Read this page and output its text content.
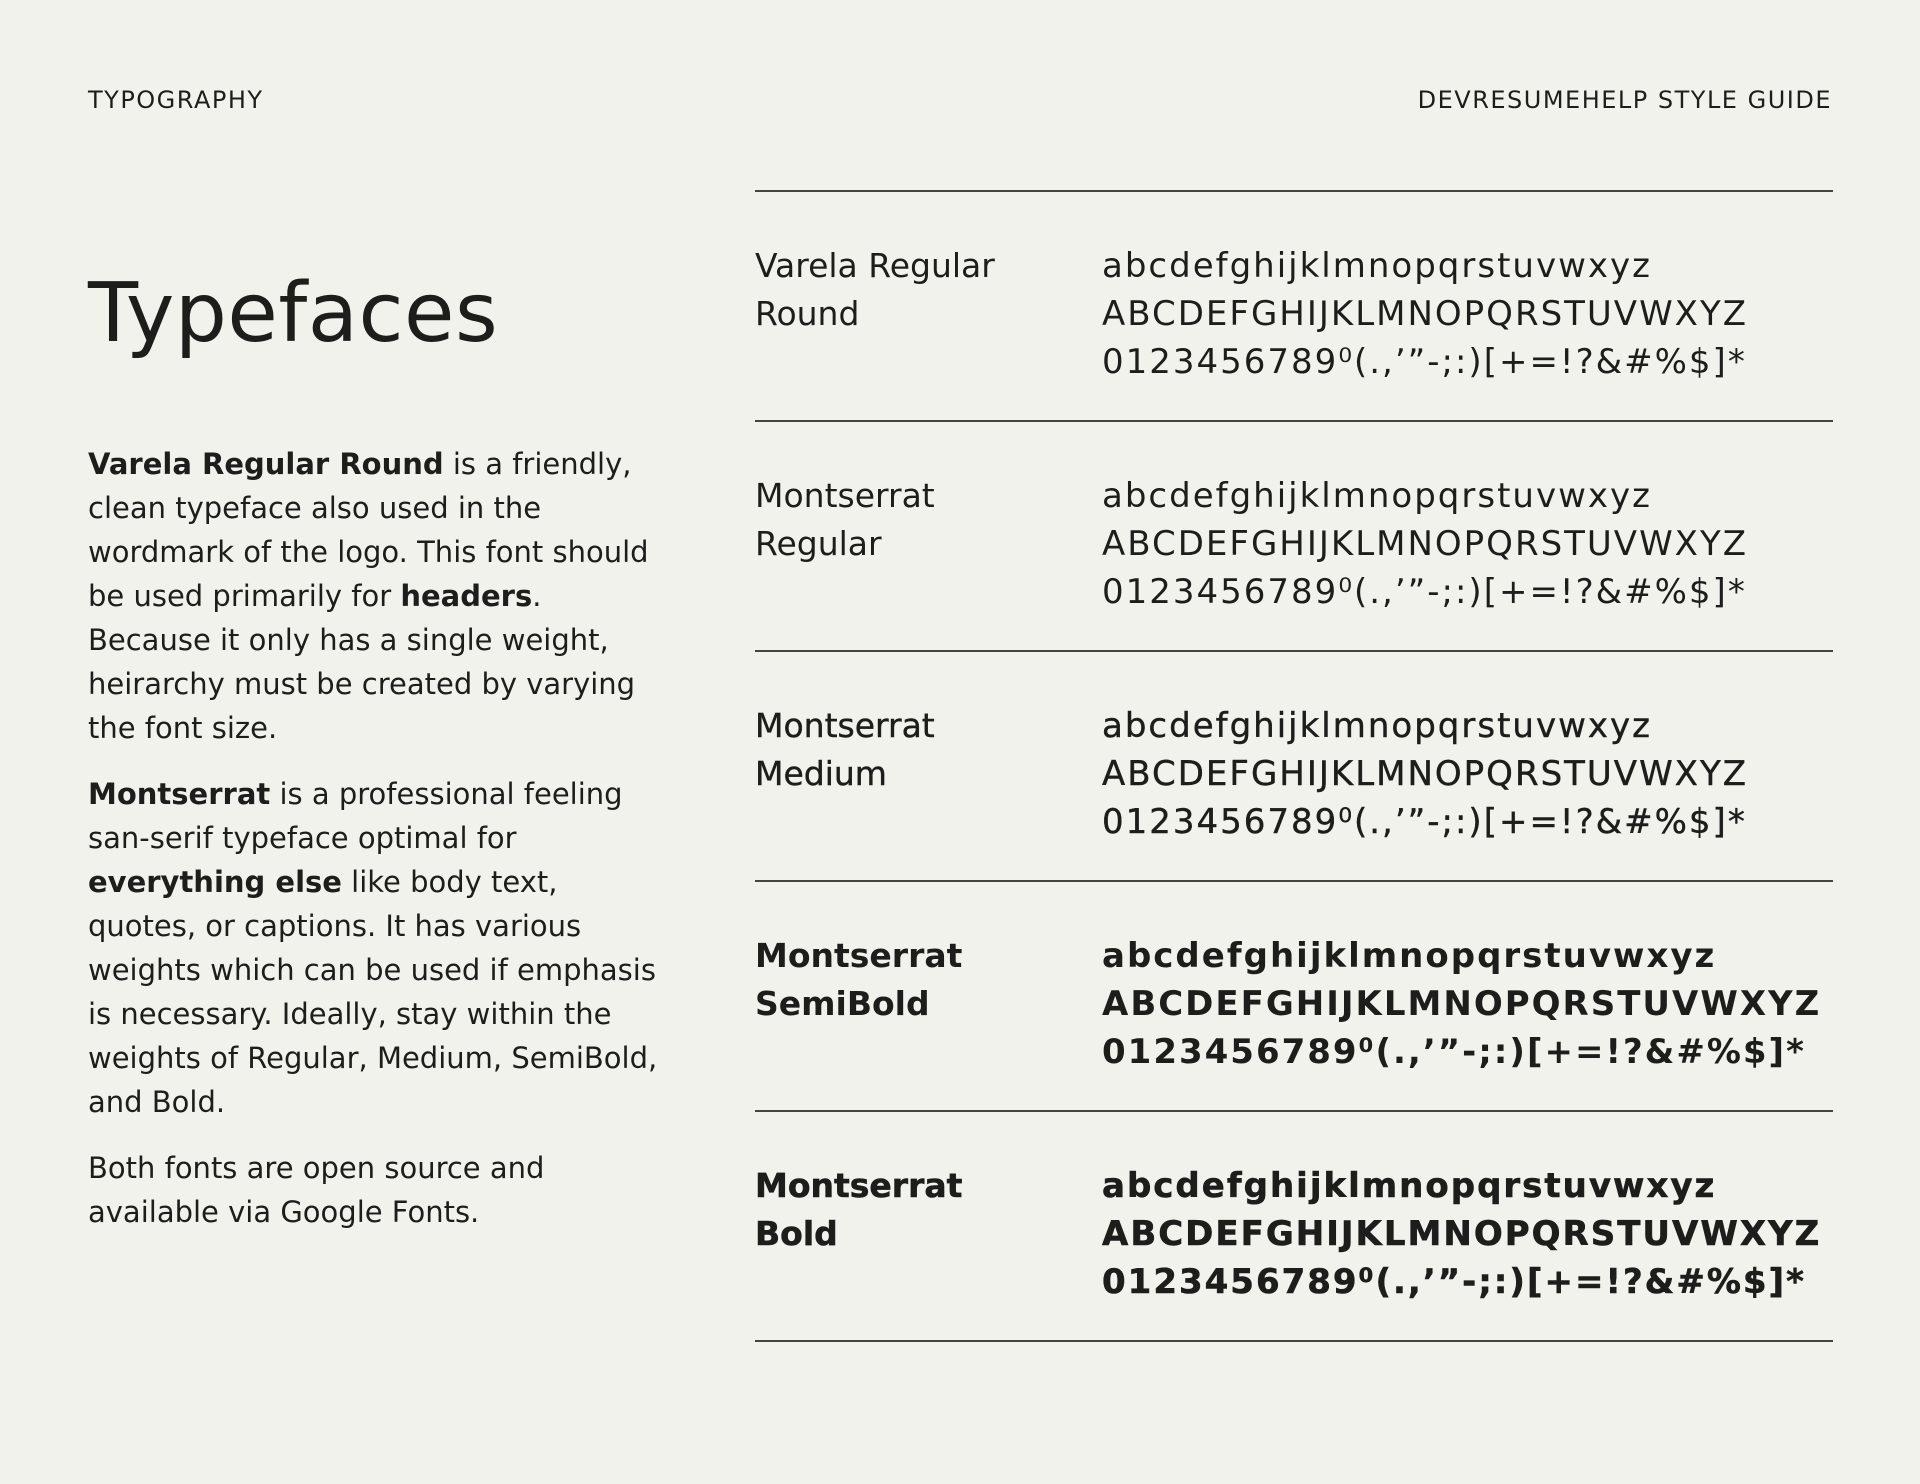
TYPOGRAPHY	DEVRESUMEHELP STYLE GUIDE
Typefaces

Varela Regular Round is a friendly, clean typeface also used in the wordmark of the logo. This font should be used primarily for headers. Because it only has a single weight, heirarchy must be created by varying the font size.

Montserrat is a professional feeling san-serif typeface optimal for everything else like body text, quotes, or captions. It has various weights which can be used if emphasis is necessary. Ideally, stay within the weights of Regular, Medium, SemiBold, and Bold.

Both fonts are open source and available via Google Fonts.

Varela Regular
Round
abcdefghijklmnopqrstuvwxyz
ABCDEFGHIJKLMNOPQRSTUVWXYZ
0123456789⁰(.,’”-;:)[+=!?&#%$]*
Montserrat
Regular
abcdefghijklmnopqrstuvwxyz
ABCDEFGHIJKLMNOPQRSTUVWXYZ
0123456789⁰(.,’”-;:)[+=!?&#%$]*
Montserrat
Medium
abcdefghijklmnopqrstuvwxyz
ABCDEFGHIJKLMNOPQRSTUVWXYZ
0123456789⁰(.,’”-;:)[+=!?&#%$]*
Montserrat
SemiBold
abcdefghijklmnopqrstuvwxyz
ABCDEFGHIJKLMNOPQRSTUVWXYZ
0123456789⁰(.,’”-;:)[+=!?&#%$]*
Montserrat
Bold
abcdefghijklmnopqrstuvwxyz
ABCDEFGHIJKLMNOPQRSTUVWXYZ
0123456789⁰(.,’”-;:)[+=!?&#%$]*
